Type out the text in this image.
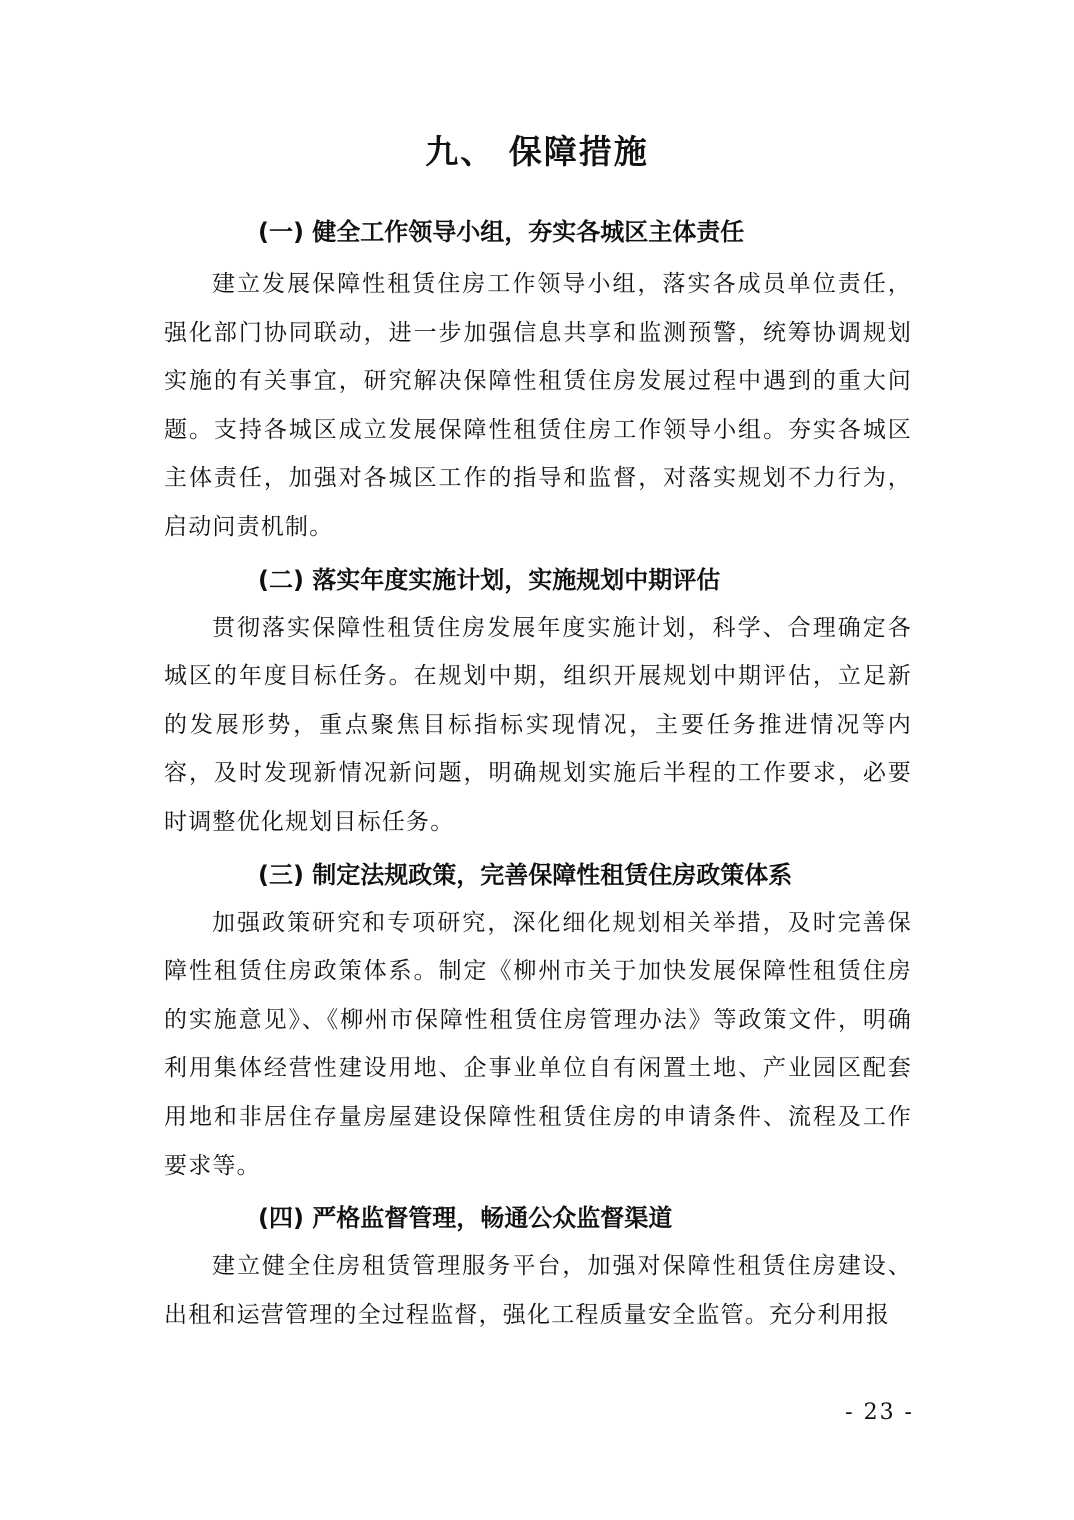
九、 保障措施
(一) 健全工作领导小组，夯实各城区主体责任

建立发展保障性租赁住房工作领导小组，落实各成员单位责任，强化部门协同联动，进一步加强信息共享和监测预警，统筹协调规划实施的有关事宜，研究解决保障性租赁住房发展过程中遇到的重大问题。支持各城区成立发展保障性租赁住房工作领导小组。夯实各城区主体责任，加强对各城区工作的指导和监督，对落实规划不力行为，启动问责机制。

(二) 落实年度实施计划，实施规划中期评估

贯彻落实保障性租赁住房发展年度实施计划，科学、合理确定各城区的年度目标任务。在规划中期，组织开展规划中期评估，立足新的发展形势，重点聚焦目标指标实现情况，主要任务推进情况等内容，及时发现新情况新问题，明确规划实施后半程的工作要求，必要时调整优化规划目标任务。

(三) 制定法规政策，完善保障性租赁住房政策体系

加强政策研究和专项研究，深化细化规划相关举措，及时完善保障性租赁住房政策体系。制定《柳州市关于加快发展保障性租赁住房的实施意见》、《柳州市保障性租赁住房管理办法》等政策文件，明确利用集体经营性建设用地、企事业单位自有闲置土地、产业园区配套用地和非居住存量房屋建设保障性租赁住房的申请条件、流程及工作要求等。

(四) 严格监督管理，畅通公众监督渠道

建立健全住房租赁管理服务平台，加强对保障性租赁住房建设、出租和运营管理的全过程监督，强化工程质量安全监管。充分利用报

- 23 -
